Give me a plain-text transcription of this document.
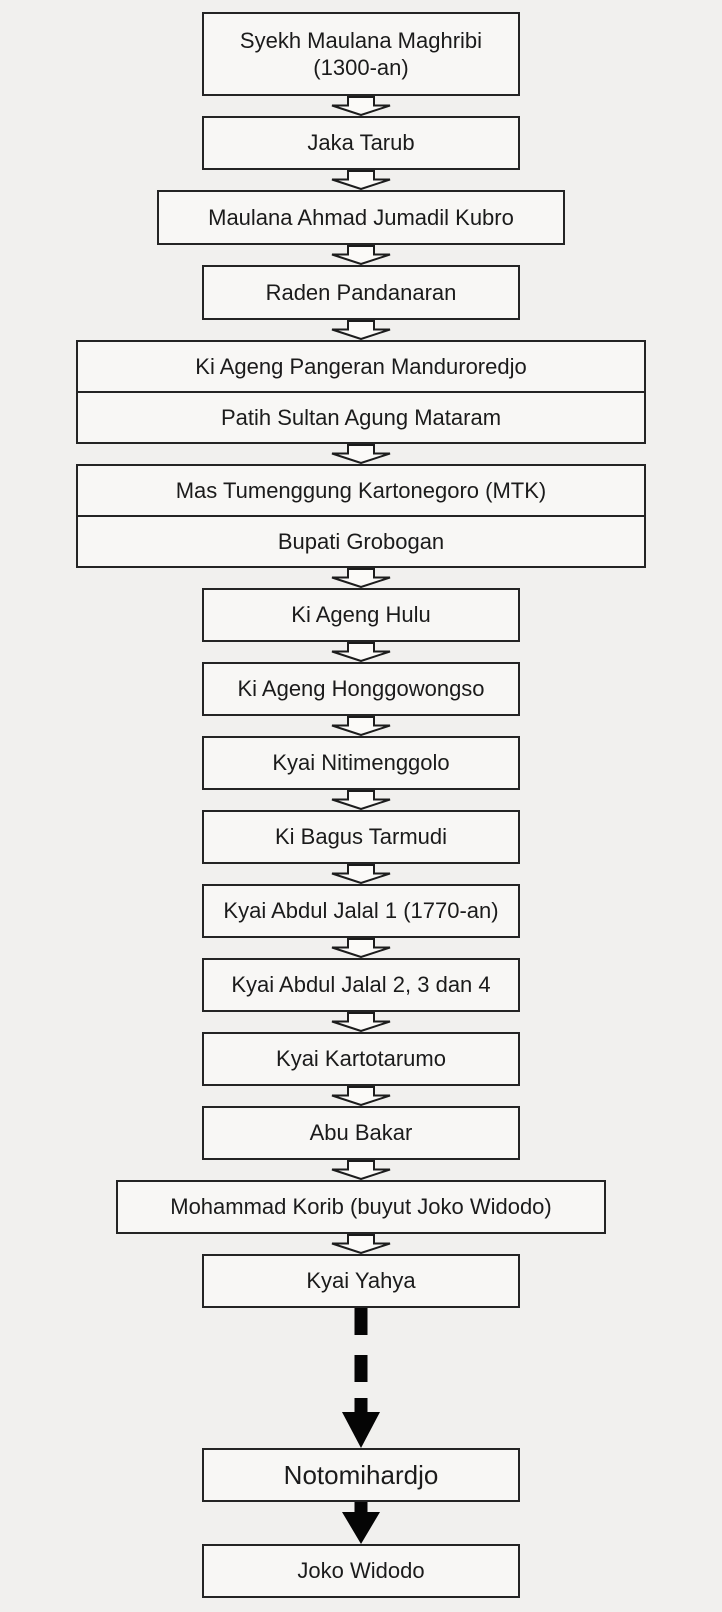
Syekh Maulana Maghribi
(1300-an)
Jaka Tarub
Maulana Ahmad Jumadil Kubro
Raden Pandanaran
Ki Ageng Pangeran Manduroredjo
Patih Sultan Agung Mataram
Mas Tumenggung Kartonegoro (MTK)
Bupati Grobogan
Ki Ageng Hulu
Ki Ageng Honggowongso
Kyai Nitimenggolo
Ki Bagus Tarmudi
Kyai Abdul Jalal 1 (1770-an)
Kyai Abdul Jalal 2, 3 dan 4
Kyai Kartotarumo
Abu Bakar
Mohammad Korib (buyut Joko Widodo)
Kyai Yahya
Notomihardjo
Joko Widodo
